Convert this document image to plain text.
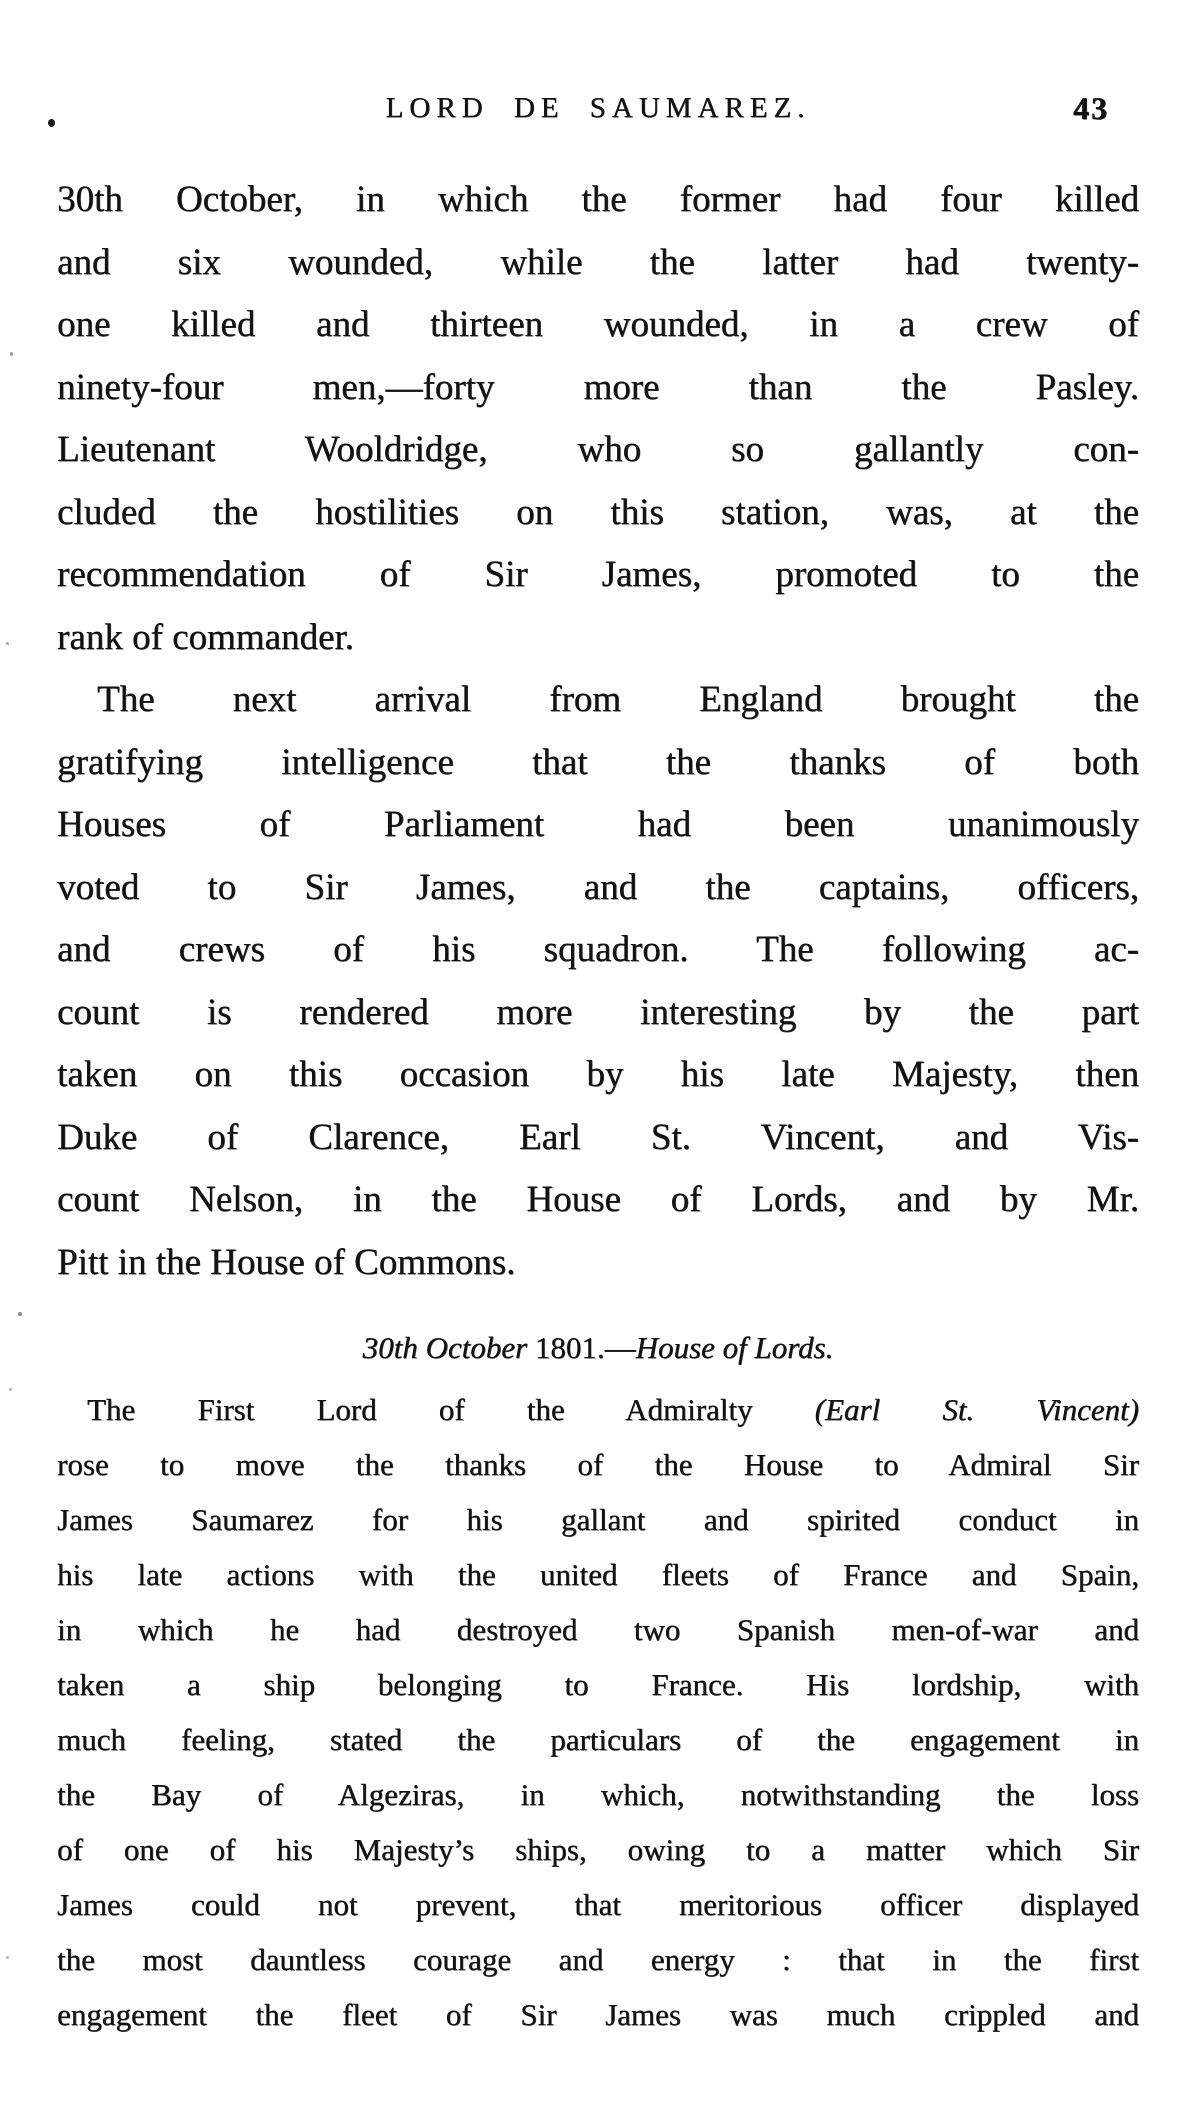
LORD DE SAUMAREZ.	43
30th October, in which the former had four killed
and six wounded, while the latter had twenty-
one killed and thirteen wounded, in a crew of
ninety-four men,—forty more than the Pasley.
Lieutenant Wooldridge, who so gallantly con-
cluded the hostilities on this station, was, at the
recommendation of Sir James, promoted to the
rank of commander.
The next arrival from England brought the
gratifying intelligence that the thanks of both
Houses of Parliament had been unanimously
voted to Sir James, and the captains, officers,
and crews of his squadron. The following ac-
count is rendered more interesting by the part
taken on this occasion by his late Majesty, then
Duke of Clarence, Earl St. Vincent, and Vis-
count Nelson, in the House of Lords, and by Mr.
Pitt in the House of Commons.
30th October 1801.—House of Lords.
The First Lord of the Admiralty (Earl St. Vincent)
rose to move the thanks of the House to Admiral Sir
James Saumarez for his gallant and spirited conduct in
his late actions with the united fleets of France and Spain,
in which he had destroyed two Spanish men-of-war and
taken a ship belonging to France. His lordship, with
much feeling, stated the particulars of the engagement in
the Bay of Algeziras, in which, notwithstanding the loss
of one of his Majesty’s ships, owing to a matter which Sir
James could not prevent, that meritorious officer displayed
the most dauntless courage and energy : that in the first
engagement the fleet of Sir James was much crippled and
